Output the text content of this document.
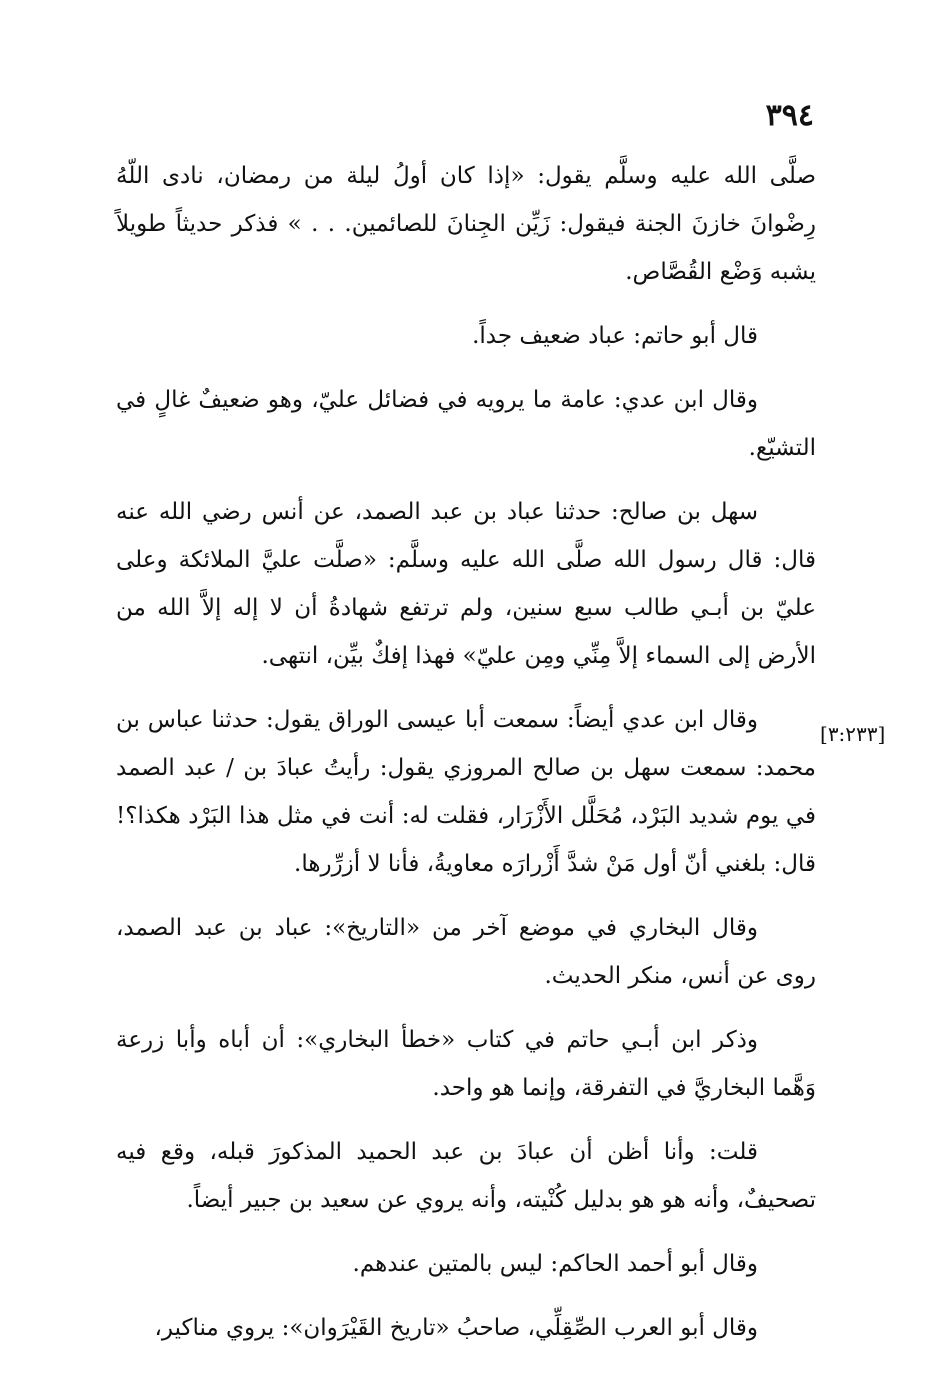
٣٩٤
[٣:٢٣٣]

صلَّى الله عليه وسلَّم يقول: «إذا كان أولُ ليلة من رمضان، نادى اللّهُ رِضْوانَ خازنَ الجنة فيقول: زَيِّن الجِنانَ للصائمين. . . » فذكر حديثاً طويلاً يشبه وَضْع القُصَّاص.

قال أبو حاتم: عباد ضعيف جداً.

وقال ابن عدي: عامة ما يرويه في فضائل عليّ، وهو ضعيفٌ غالٍ في التشيّع.

سهل بن صالح: حدثنا عباد بن عبد الصمد، عن أنس رضي الله عنه قال: قال رسول الله صلَّى الله عليه وسلَّم: «صلَّت عليَّ الملائكة وعلى عليّ بن أبـي طالب سبع سنين، ولم ترتفع شهادةُ أن لا إله إلاَّ الله من الأرض إلى السماء إلاَّ مِنِّي ومِن عليّ» فهذا إفكٌ بيِّن، انتهى.

وقال ابن عدي أيضاً: سمعت أبا عيسى الوراق يقول: حدثنا عباس بن محمد: سمعت سهل بن صالح المروزي يقول: رأيتُ عبادَ بن / عبد الصمد في يوم شديد البَرْد، مُحَلَّل الأَزْرَار، فقلت له: أنت في مثل هذا البَرْد هكذا؟! قال: بلغني أنّ أول مَنْ شدَّ أَزْرارَه معاويةُ، فأنا لا أزرِّرها.

وقال البخاري في موضع آخر من «التاريخ»: عباد بن عبد الصمد، روى عن أنس، منكر الحديث.

وذكر ابن أبـي حاتم في كتاب «خطأ البخاري»: أن أباه وأبا زرعة وَهَّما البخاريَّ في التفرقة، وإنما هو واحد.

قلت: وأنا أظن أن عبادَ بن عبد الحميد المذكورَ قبله، وقع فيه تصحيفٌ، وأنه هو هو بدليل كُنْيته، وأنه يروي عن سعيد بن جبير أيضاً.

وقال أبو أحمد الحاكم: ليس بالمتين عندهم.

وقال أبو العرب الصِّقِلِّي، صاحبُ «تاريخ القَيْرَوان»: يروي مناكير،
